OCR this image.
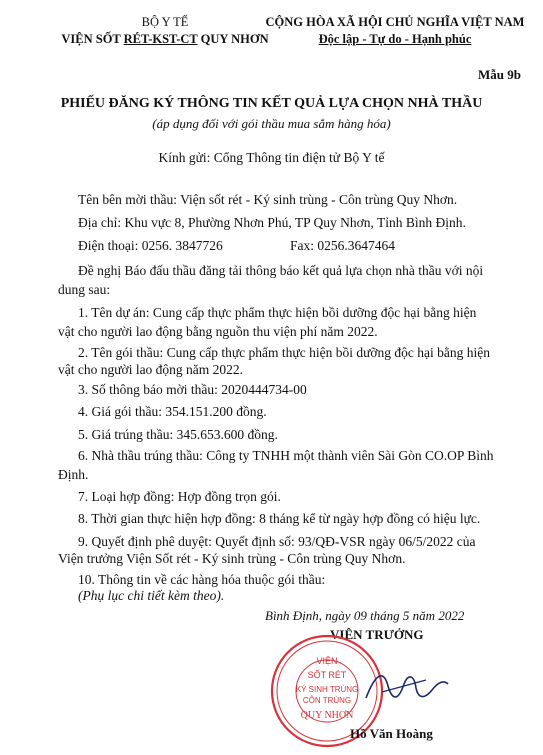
BỘ Y TẾ
VIỆN SỐT RÉT-KST-CT QUY NHƠN
CỘNG HÒA XÃ HỘI CHỦ NGHĨA VIỆT NAM
Độc lập - Tự do - Hạnh phúc
Mẫu 9b
PHIẾU ĐĂNG KÝ THÔNG TIN KẾT QUẢ LỰA CHỌN NHÀ THẦU
(áp dụng đối với gói thầu mua sắm hàng hóa)
Kính gửi: Cổng Thông tin điện tử Bộ Y tế
Tên bên mời thầu: Viện sốt rét - Ký sinh trùng - Côn trùng Quy Nhơn.
Địa chỉ: Khu vực 8, Phường Nhơn Phú, TP Quy Nhơn, Tỉnh Bình Định.
Điện thoại: 0256. 3847726	Fax: 0256.3647464
Đề nghị Báo đấu thầu đăng tải thông báo kết quả lựa chọn nhà thầu với nội
dung sau:
1. Tên dự án: Cung cấp thực phẩm thực hiện bồi dưỡng độc hại bằng hiện
vật cho người lao động bằng nguồn thu viện phí năm 2022.
2. Tên gói thầu: Cung cấp thực phẩm thực hiện bồi dưỡng độc hại bằng hiện
vật cho người lao động năm 2022.
3. Số thông báo mời thầu: 2020444734-00
4. Giá gói thầu: 354.151.200 đồng.
5. Giá trúng thầu: 345.653.600 đồng.
6. Nhà thầu trúng thầu: Công ty TNHH một thành viên Sài Gòn CO.OP Bình
Định.
7. Loại hợp đồng: Hợp đồng trọn gói.
8. Thời gian thực hiện hợp đồng: 8 tháng kể từ ngày hợp đồng có hiệu lực.
9. Quyết định phê duyệt: Quyết định số: 93/QĐ-VSR ngày 06/5/2022 của
Viện trưởng Viện Sốt rét - Ký sinh trùng - Côn trùng Quy Nhơn.
10. Thông tin về các hàng hóa thuộc gói thầu:
(Phụ lục chi tiết kèm theo).
Bình Định, ngày 09 tháng 5 năm 2022
VIỆN TRƯỞNG
VIỆN
SỐT RÉT
KÝ SINH TRÙNG
CÔN TRÙNG
QUY NHƠN
Hồ Văn Hoàng
